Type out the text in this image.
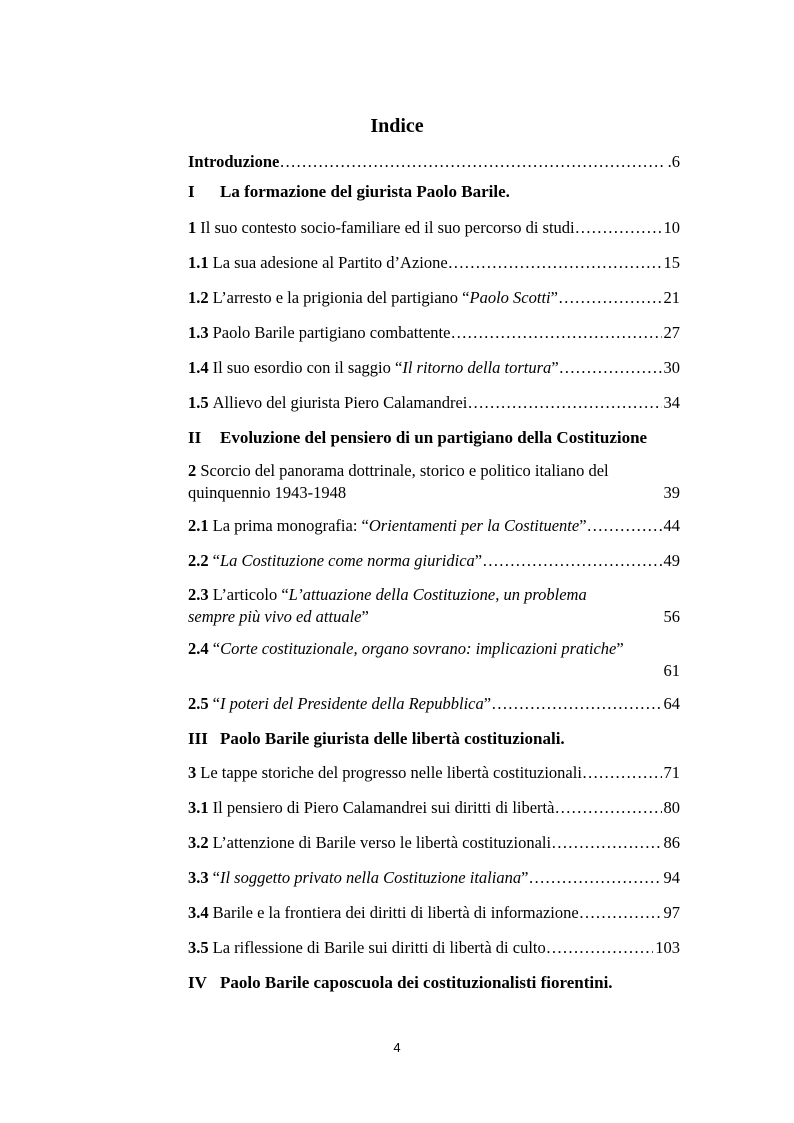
Indice
Introduzione …………………………………………………………………………………………………………………………………………	.6
I	La formazione del giurista Paolo Barile.
1 Il suo contesto socio-familiare ed il suo percorso di studi …………………………………………………………………………………………………………………………………………	10
1.1 La sua adesione al Partito d’Azione …………………………………………………………………………………………………………………………………………	15
1.2 L’arresto e la prigionia del partigiano “ Paolo Scotti ” …………………………………………………………………………………………………………………………………………	21
1.3 Paolo Barile partigiano combattente …………………………………………………………………………………………………………………………………………	27
1.4 Il suo esordio con il saggio “ Il ritorno della tortura ” …………………………………………………………………………………………………………………………………………	30
1.5 Allievo del giurista Piero Calamandrei …………………………………………………………………………………………………………………………………………	34
II	Evoluzione del pensiero di un partigiano della Costituzione
2 Scorcio del panorama dottrinale, storico e politico italiano del
quinquennio 1943-1948	39
2.1 La prima monografia: “ Orientamenti per la Costituente ” …………………………………………………………………………………………………………………………………………	44
2.2 “ La Costituzione come norma giuridica ” …………………………………………………………………………………………………………………………………………	49
2.3 L’articolo “L’attuazione della Costituzione, un problema
sempre più vivo ed attuale ”	56
2.4 “Corte costituzionale, organo sovrano: implicazioni pratiche”
61
2.5 “ I poteri del Presidente della Repubblica ” …………………………………………………………………………………………………………………………………………	64
III Paolo Barile giurista delle libertà costituzionali.
3 Le tappe storiche del progresso nelle libertà costituzionali …………………………………………………………………………………………………………………………………………	71
3.1 Il pensiero di Piero Calamandrei sui diritti di libertà …………………………………………………………………………………………………………………………………………	80
3.2 L’attenzione di Barile verso le libertà costituzionali …………………………………………………………………………………………………………………………………………	86
3.3 “ Il soggetto privato nella Costituzione italiana ” …………………………………………………………………………………………………………………………………………	94
3.4 Barile e la frontiera dei diritti di libertà di informazione …………………………………………………………………………………………………………………………………………	97
3.5 La riflessione di Barile sui diritti di libertà di culto …………………………………………………………………………………………………………………………………………	103
IV Paolo Barile caposcuola dei costituzionalisti fiorentini.
4
